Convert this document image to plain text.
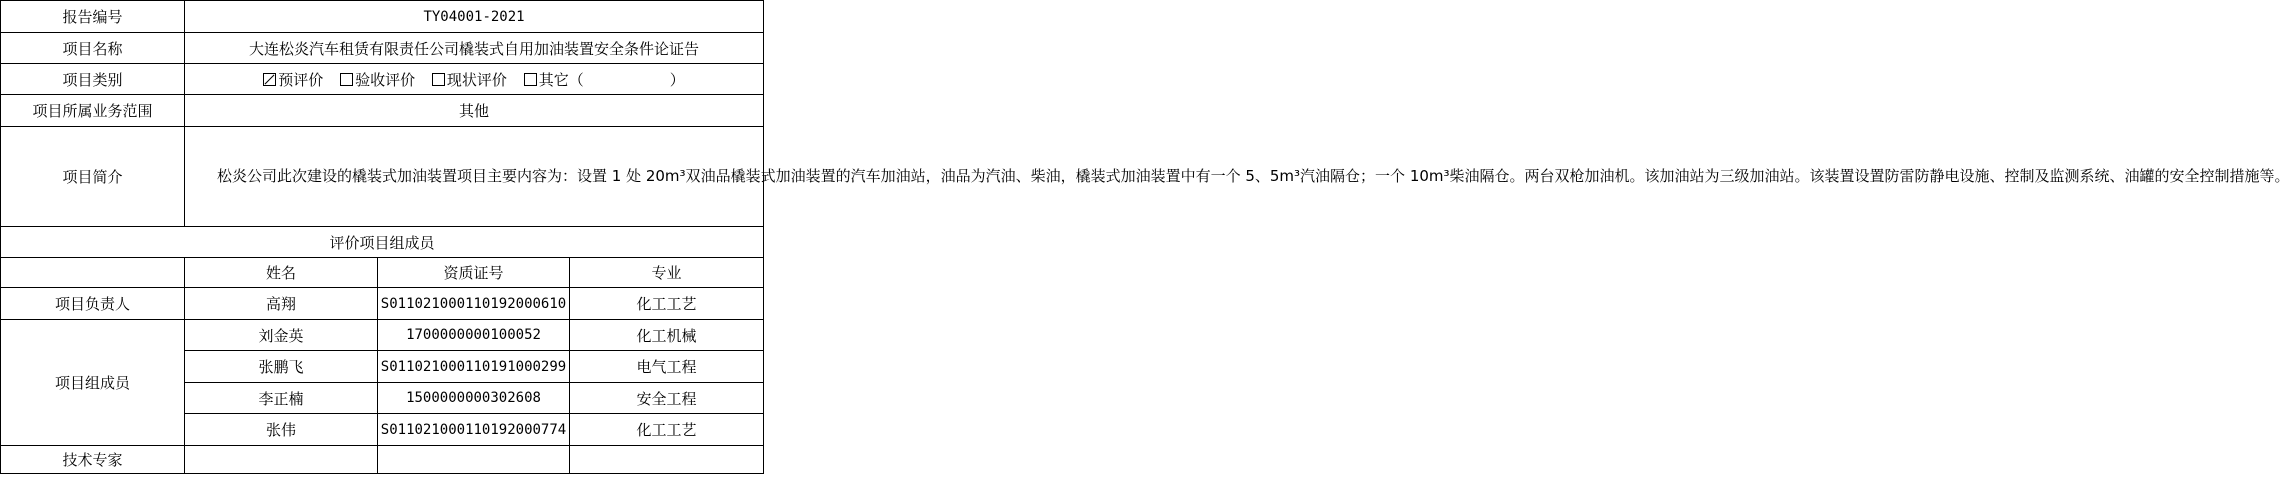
报告编号	TY04001-2021		
项目名称	大连松炎汽车租赁有限责任公司橇装式自用加油装置安全条件论证告		
项目类别	预评价 验收评价 现状评价 其它（ ）		
项目所属业务范围	其他		
项目简介	松炎公司此次建设的橇装式加油装置项目主要内容为：设置 1 处 20m³双油品橇装式加油装置的汽车加油站，油品为汽油、柴油，橇装式加油装置中有一个 5、5m³汽油隔仓；一个 10m³柴油隔仓。两台双枪加油机。该加油站为三级加油站。该装置设置防雷防静电设施、控制及监测系统、油罐的安全控制措施等。		
评价项目组成员			
	姓名	资质证号	专业
项目负责人	高翔	S011021000110192000610	化工工艺
项目组成员	刘金英	1700000000100052	化工机械
	张鹏飞	S011021000110191000299	电气工程
	李正楠	1500000000302608	安全工程
	张伟	S011021000110192000774	化工工艺
技术专家			
